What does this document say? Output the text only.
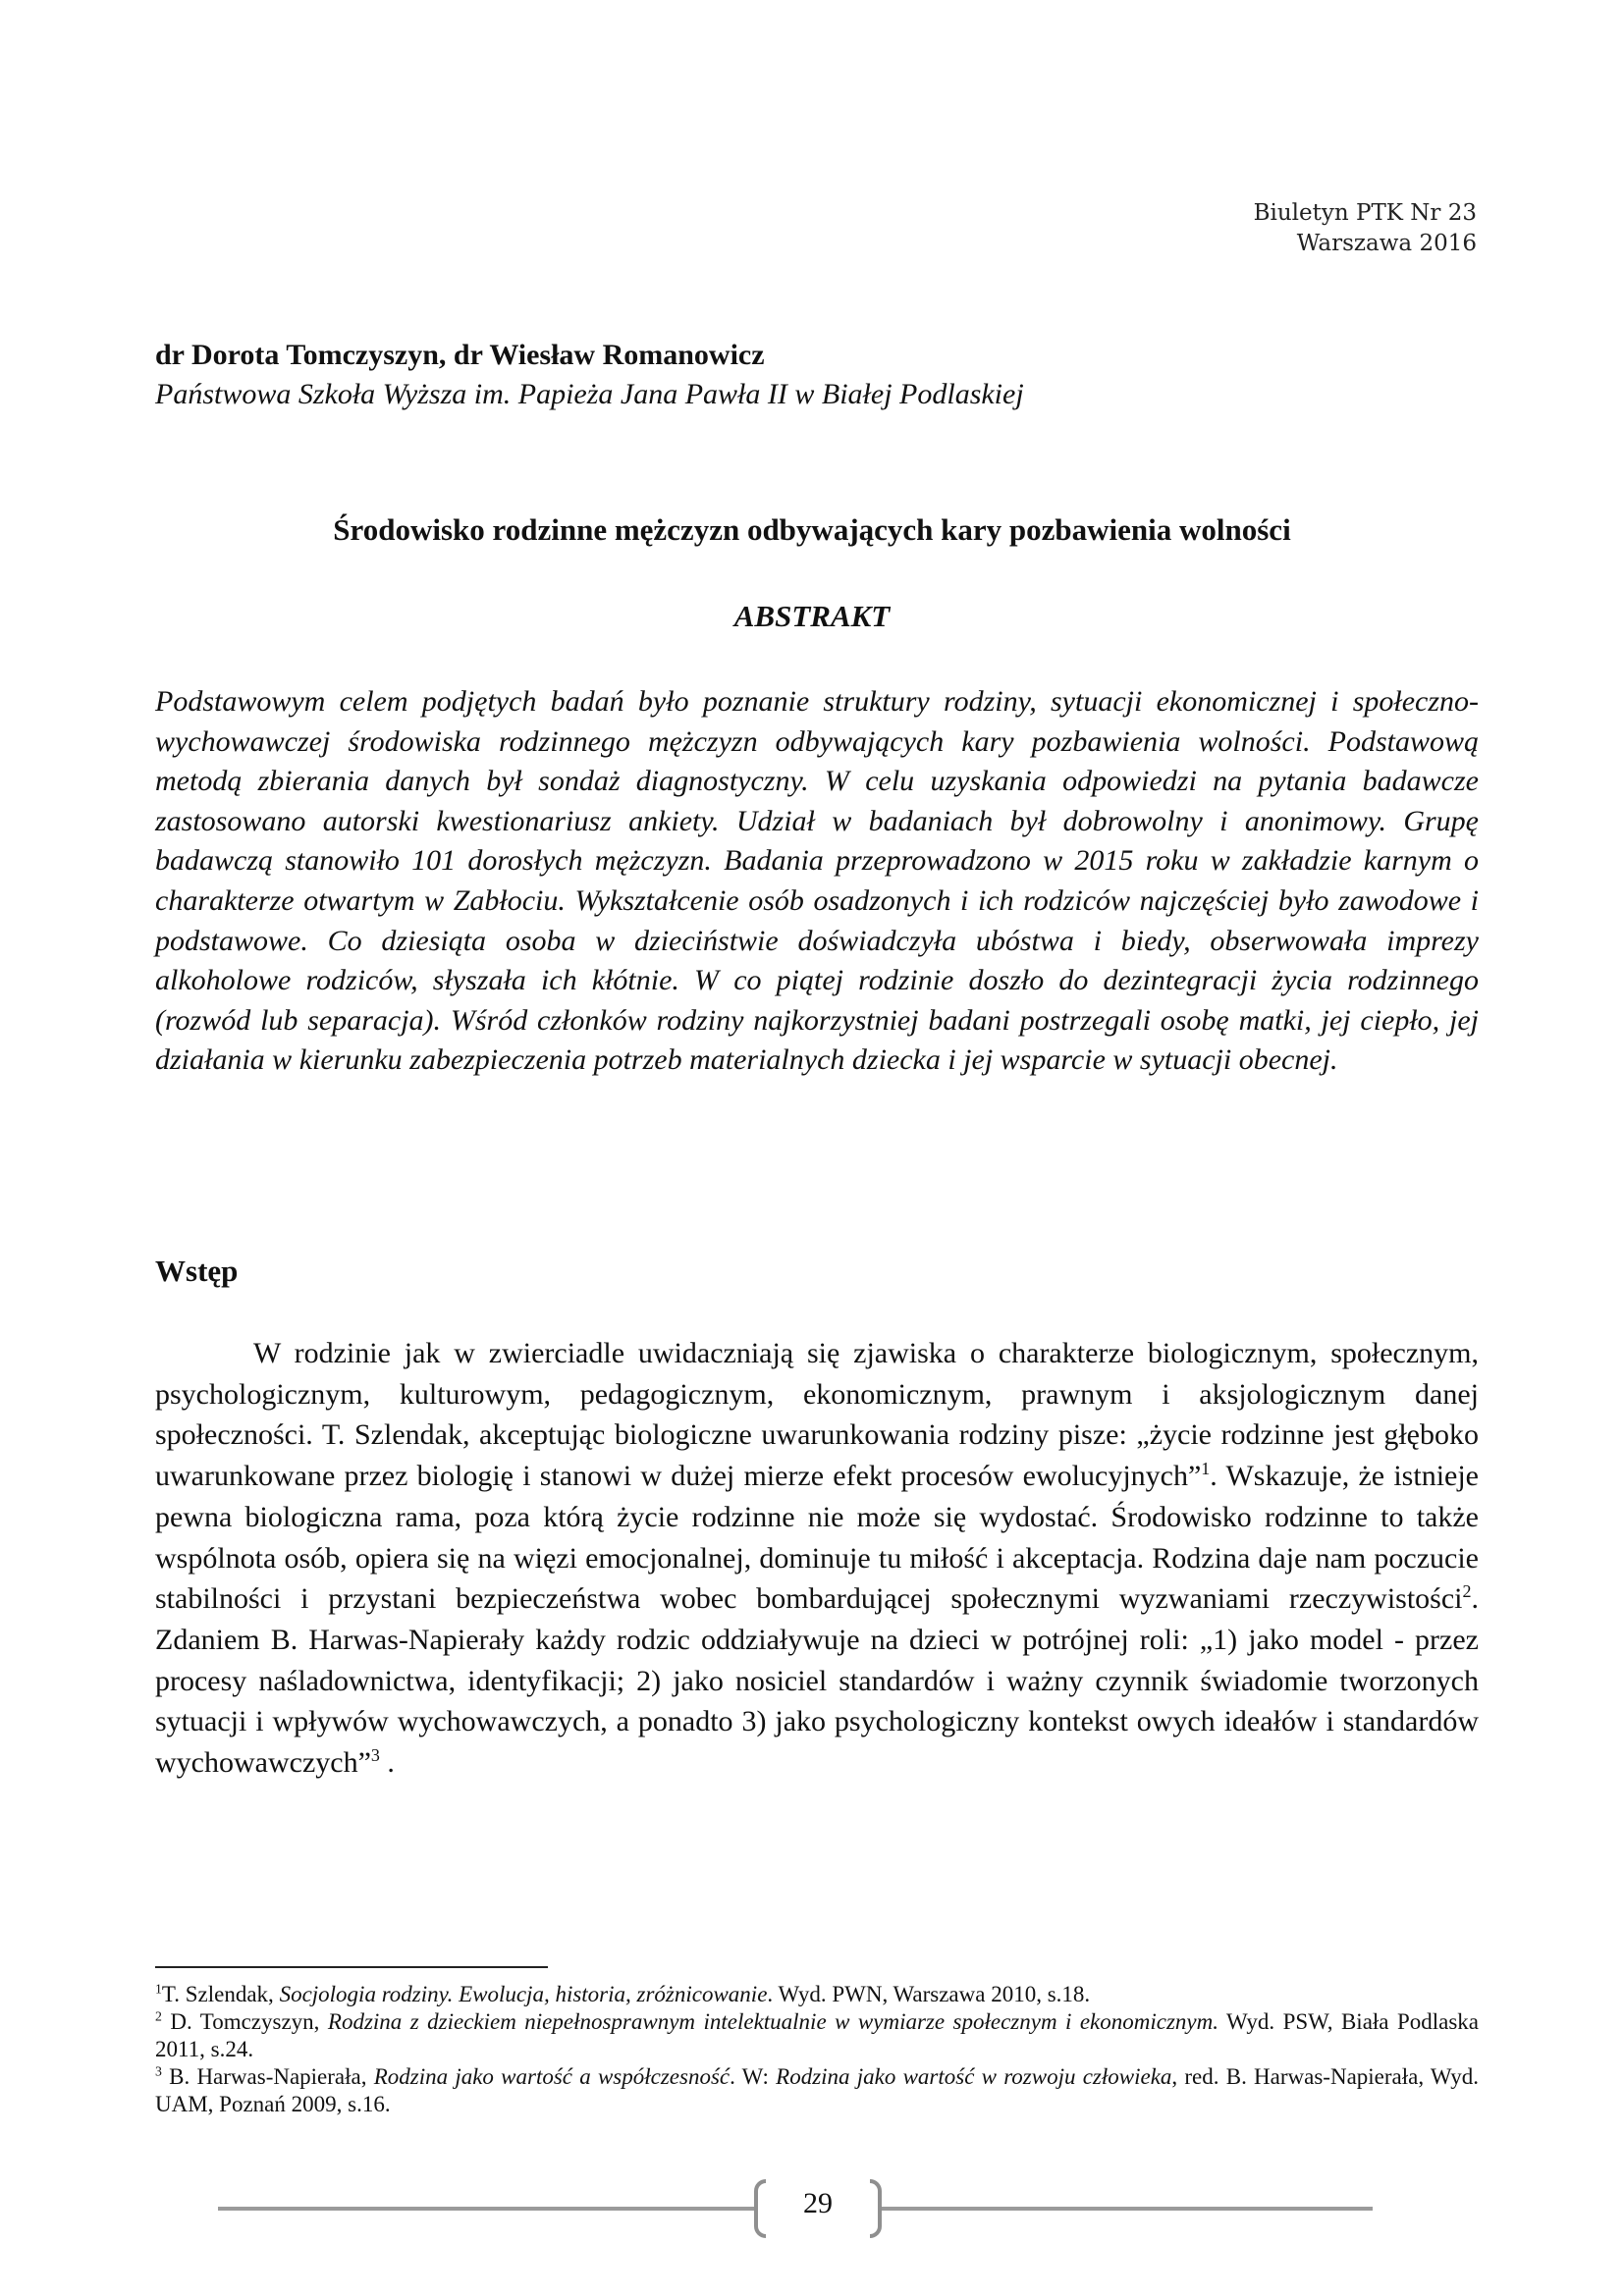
Biuletyn PTK Nr 23
Warszawa 2016
dr Dorota Tomczyszyn, dr Wiesław Romanowicz
Państwowa Szkoła Wyższa im. Papieża Jana Pawła II w Białej Podlaskiej
Środowisko rodzinne mężczyzn odbywających kary pozbawienia wolności
ABSTRAKT
Podstawowym celem podjętych badań było poznanie struktury rodziny, sytuacji ekonomicznej i społeczno-wychowawczej środowiska rodzinnego mężczyzn odbywających kary pozbawienia wolności. Podstawową metodą zbierania danych był sondaż diagnostyczny. W celu uzyskania odpowiedzi na pytania badawcze zastosowano autorski kwestionariusz ankiety. Udział w badaniach był dobrowolny i anonimowy. Grupę badawczą stanowiło 101 dorosłych mężczyzn. Badania przeprowadzono w 2015 roku w zakładzie karnym o charakterze otwartym w Zabłociu. Wykształcenie osób osadzonych i ich rodziców najczęściej było zawodowe i podstawowe. Co dziesiąta osoba w dzieciństwie doświadczyła ubóstwa i biedy, obserwowała imprezy alkoholowe rodziców, słyszała ich kłótnie. W co piątej rodzinie doszło do dezintegracji życia rodzinnego (rozwód lub separacja). Wśród członków rodziny najkorzystniej badani postrzegali osobę matki, jej ciepło, jej działania w kierunku zabezpieczenia potrzeb materialnych dziecka i jej wsparcie w sytuacji obecnej.
Wstęp
W rodzinie jak w zwierciadle uwidaczniają się zjawiska o charakterze biologicznym, społecznym, psychologicznym, kulturowym, pedagogicznym, ekonomicznym, prawnym i aksjologicznym danej społeczności. T. Szlendak, akceptując biologiczne uwarunkowania rodziny pisze: „życie rodzinne jest głęboko uwarunkowane przez biologię i stanowi w dużej mierze efekt procesów ewolucyjnych”$^1$. Wskazuje, że istnieje pewna biologiczna rama, poza którą życie rodzinne nie może się wydostać. Środowisko rodzinne to także wspólnota osób, opiera się na więzi emocjonalnej, dominuje tu miłość i akceptacja. Rodzina daje nam poczucie stabilności i przystani bezpieczeństwa wobec bombardującej społecznymi wyzwaniami rzeczywistości$^2$. Zdaniem B. Harwas-Napierały każdy rodzic oddziaływuje na dzieci w potrójnej roli: „1) jako model - przez procesy naśladownictwa, identyfikacji; 2) jako nosiciel standardów i ważny czynnik świadomie tworzonych sytuacji i wpływów wychowawczych, a ponadto 3) jako psychologiczny kontekst owych ideałów i standardów wychowawczych”$^3$ .

$^1$T. Szlendak, Socjologia rodziny. Ewolucja, historia, zróżnicowanie. Wyd. PWN, Warszawa 2010, s.18.

$^2$ D. Tomczyszyn, Rodzina z dzieckiem niepełnosprawnym intelektualnie w wymiarze społecznym i ekonomicznym. Wyd. PSW, Biała Podlaska 2011, s.24.

$^3$ B. Harwas-Napierała, Rodzina jako wartość a współczesność. W: Rodzina jako wartość w rozwoju człowieka, red. B. Harwas-Napierała, Wyd. UAM, Poznań 2009, s.16.

29
